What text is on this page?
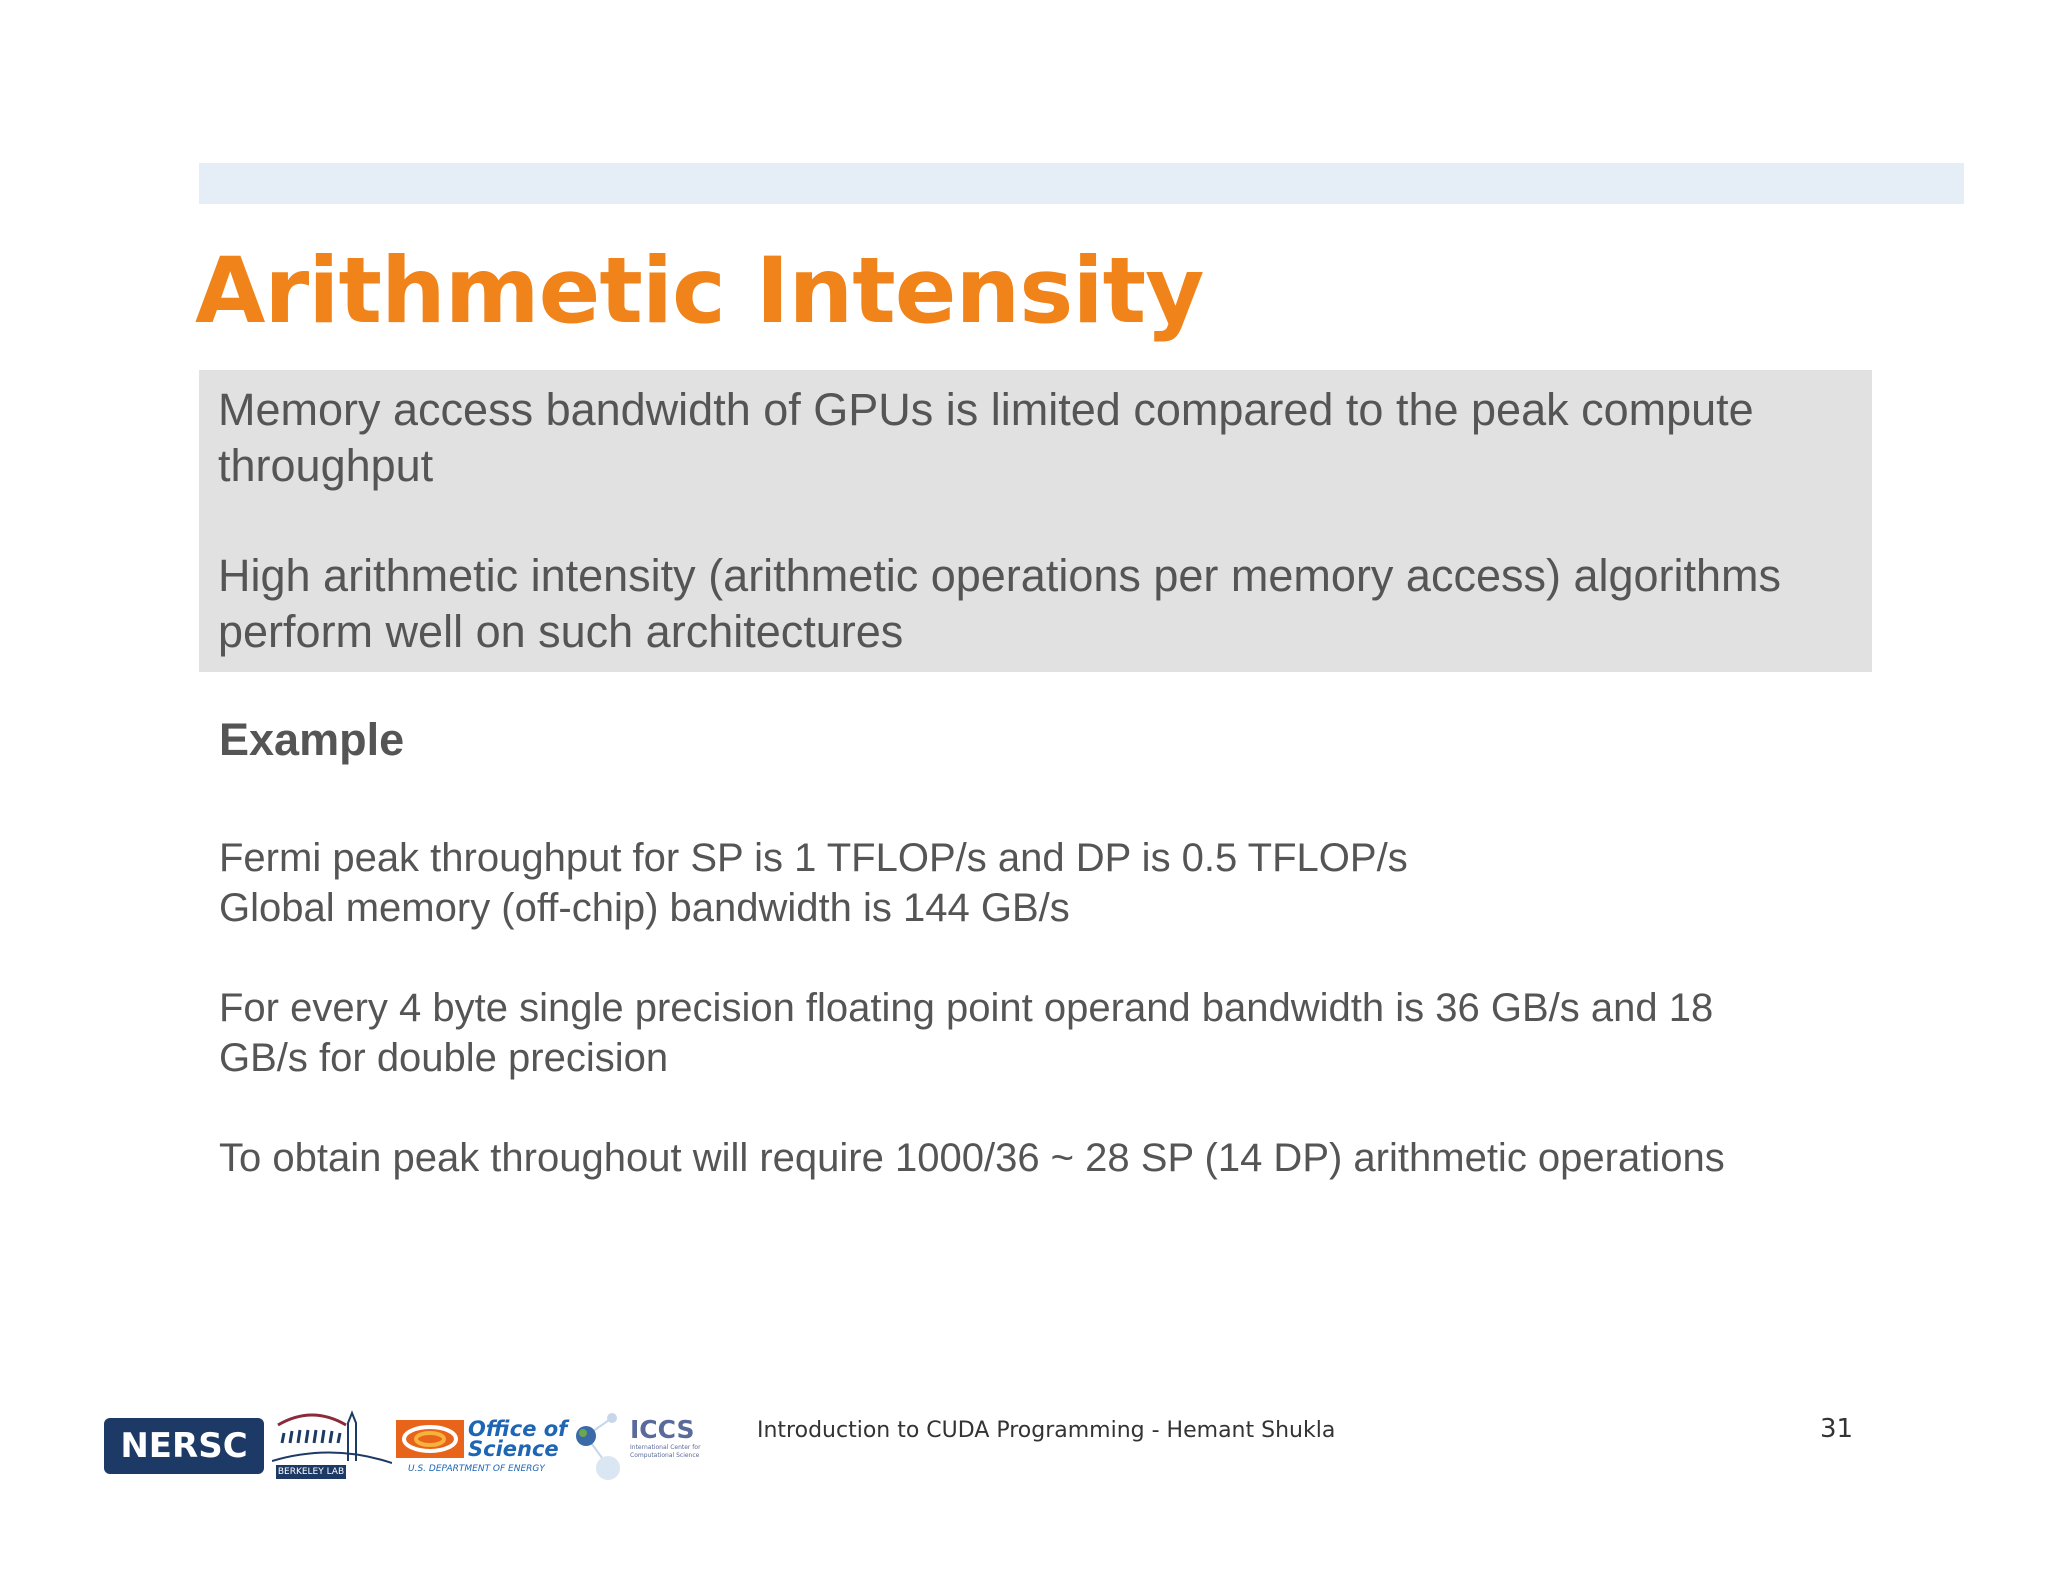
Arithmetic Intensity

Memory access bandwidth of GPUs is limited compared to the peak compute throughput

High arithmetic intensity (arithmetic operations per memory access) algorithms perform well on such architectures

Example

Fermi peak throughput for SP is 1 TFLOP/s and DP is 0.5 TFLOP/s

Global memory (off-chip) bandwidth is 144 GB/s

For every 4 byte single precision floating point operand bandwidth is 36 GB/s and 18

GB/s for double precision

To obtain peak throughout will require 1000/36 ~ 28 SP (14 DP) arithmetic operations

NERSC
BERKELEY LAB
Office of
Science
U.S. DEPARTMENT OF ENERGY
ICCS
International Center for Computational Science

Introduction to CUDA Programming - Hemant Shukla	31
